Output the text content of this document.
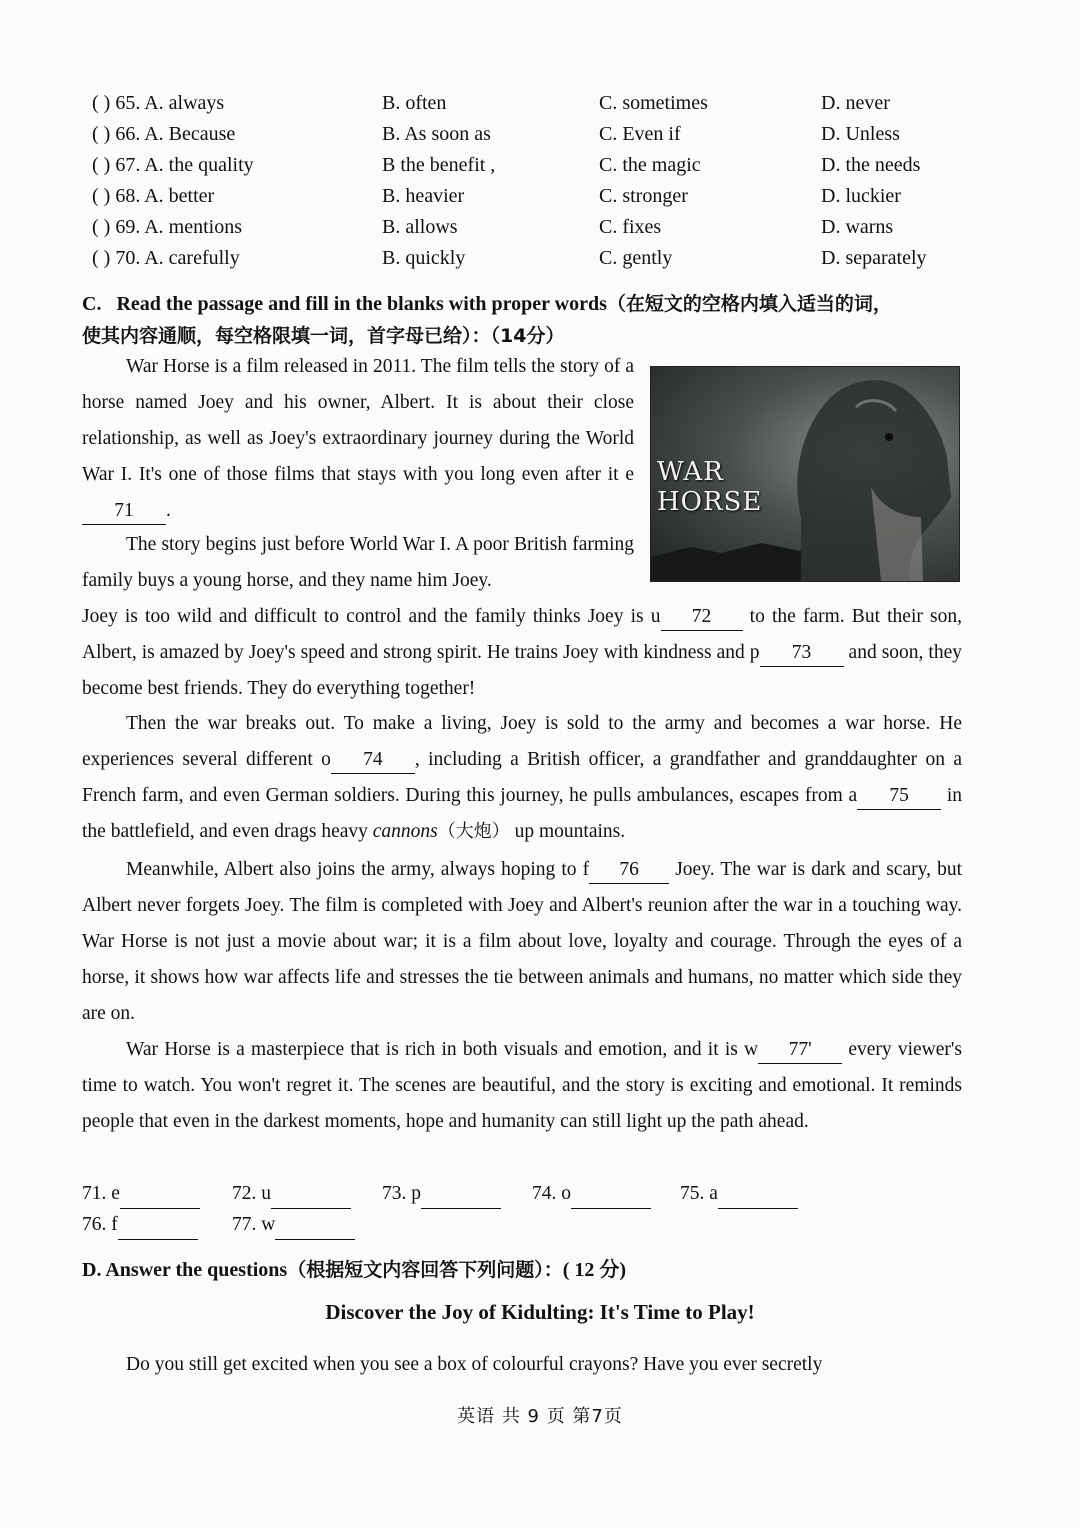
( ) 65. A. always	B. often	C. sometimes	D. never
( ) 66. A. Because	B. As soon as	C. Even if	D. Unless
( ) 67. A. the quality	B the benefit ,	C. the magic	D. the needs
( ) 68. A. better	B. heavier	C. stronger	D. luckier
( ) 69. A. mentions	B. allows	C. fixes	D. warns
( ) 70. A. carefully	B. quickly	C. gently	D. separately
C. Read the passage and fill in the blanks with proper words（在短文的空格内填入适当的词，
使其内容通顺，每空格限填一词，首字母已给）：（14分）
WAR HORSE
War Horse is a film released in 2011. The film tells the story of a horse named Joey and his owner, Albert. It is about their close relationship, as well as Joey's extraordinary journey during the World War I. It's one of those films that stays with you long even after it e71 .
The story begins just before World War I. A poor British farming family buys a young horse, and they name him Joey.
Joey is too wild and difficult to control and the family thinks Joey is u 72 to the farm. But their son, Albert, is amazed by Joey's speed and strong spirit. He trains Joey with kindness and p 73 and soon, they become best friends. They do everything together!
Then the war breaks out. To make a living, Joey is sold to the army and becomes a war horse. He experiences several different o 74 , including a British officer, a grandfather and granddaughter on a French farm, and even German soldiers. During this journey, he pulls ambulances, escapes from a 75 in the battlefield, and even drags heavy cannons（大炮） up mountains.
Meanwhile, Albert also joins the army, always hoping to f 76 Joey. The war is dark and scary, but Albert never forgets Joey. The film is completed with Joey and Albert's reunion after the war in a touching way. War Horse is not just a movie about war; it is a film about love, loyalty and courage. Through the eyes of a horse, it shows how war affects life and stresses the tie between animals and humans, no matter which side they are on.
War Horse is a masterpiece that is rich in both visuals and emotion, and it is w 77' every viewer's time to watch. You won't regret it. The scenes are beautiful, and the story is exciting and emotional. It reminds people that even in the darkest moments, hope and humanity can still light up the path ahead.
71. e	72. u	73. p	74. o	75. a
76. f	77. w
D. Answer the questions（根据短文内容回答下列问题）：( 12 分)
Discover the Joy of Kidulting: It's Time to Play!
Do you still get excited when you see a box of colourful crayons? Have you ever secretly
英语 共 9 页 第7页
